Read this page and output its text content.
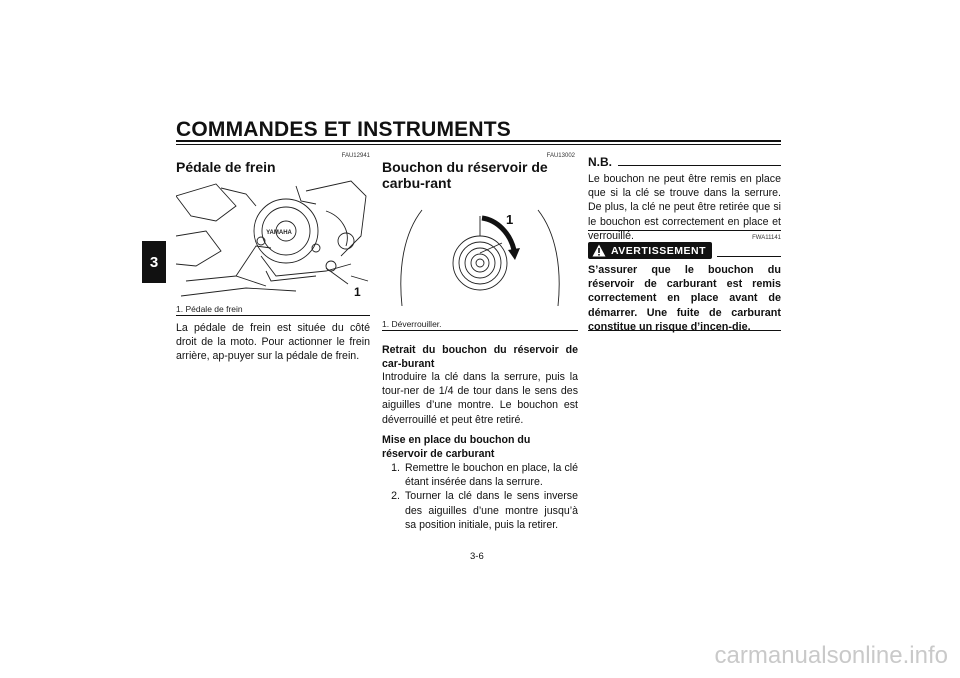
COMMANDES ET INSTRUMENTS
3
FAU12941
Pédale de frein
YAMAHA
1
1. Pédale de frein
La pédale de frein est située du côté droit de la moto. Pour actionner le frein arrière, ap-puyer sur la pédale de frein.
FAU13002
Bouchon du réservoir de carbu-rant
1
1. Déverrouiller.
Retrait du bouchon du réservoir de car-burant
Introduire la clé dans la serrure, puis la tour-ner de 1/4 de tour dans le sens des aiguilles d’une montre. Le bouchon est déverrouillé et peut être retiré.
Mise en place du bouchon du réservoir de carburant
1. Remettre le bouchon en place, la clé étant insérée dans la serrure.
2. Tourner la clé dans le sens inverse des aiguilles d’une montre jusqu’à sa position initiale, puis la retirer.
N.B.
Le bouchon ne peut être remis en place que si la clé se trouve dans la serrure. De plus, la clé ne peut être retirée que si le bouchon est correctement en place et verrouillé.	FWA11141
AVERTISSEMENT
S’assurer que le bouchon du réservoir de carburant est remis correctement en place avant de démarrer. Une fuite de carburant constitue un risque d’incen-die.
3-6
carmanualsonline.info
